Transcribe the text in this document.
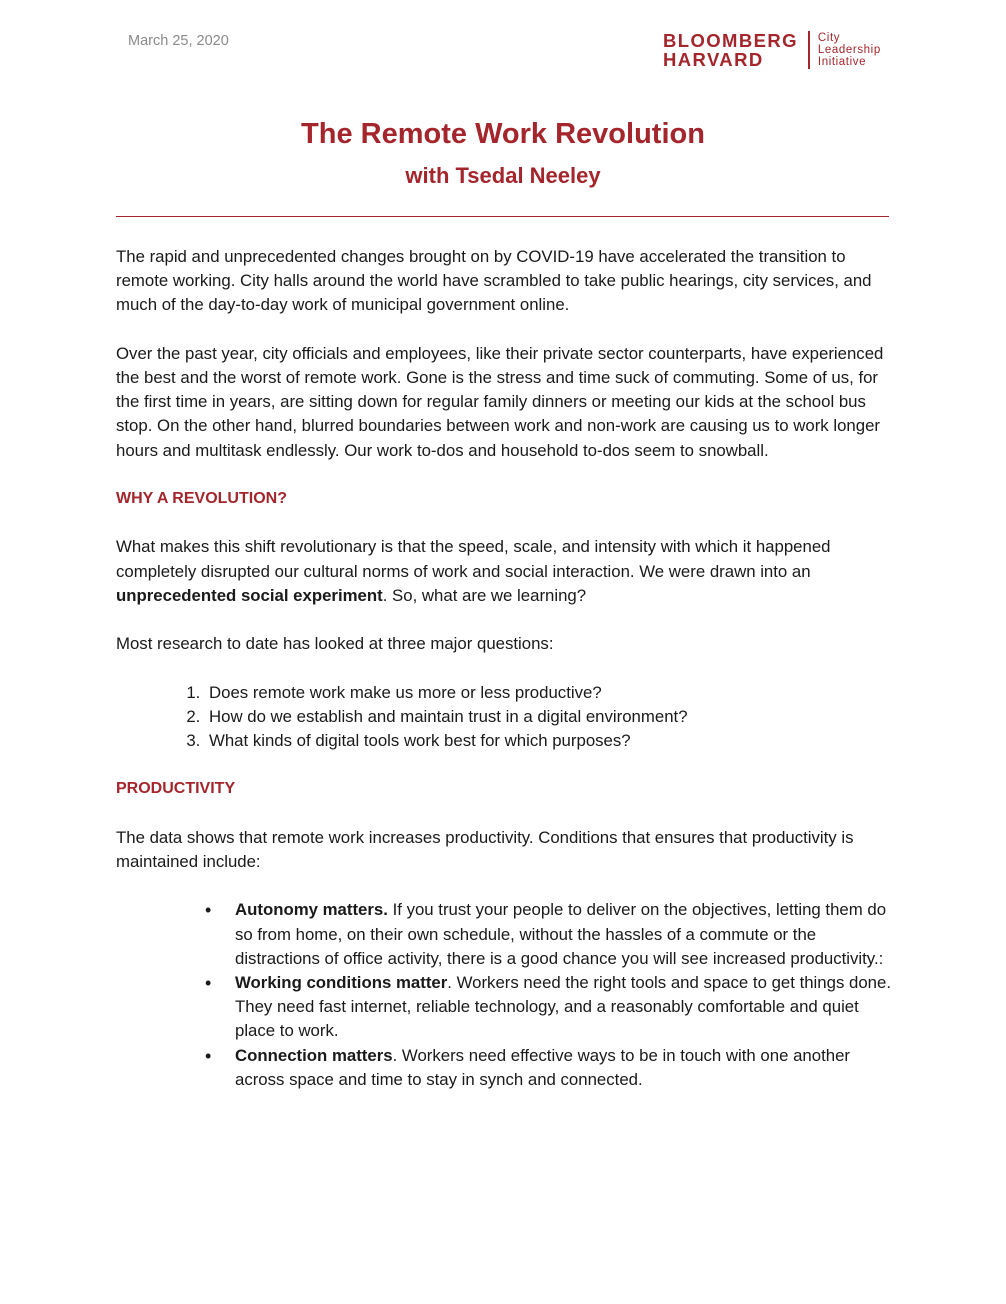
March 25, 2020	BLOOMBERG
HARVARD
City
Leadership
Initiative
The Remote Work Revolution
with Tsedal Neeley

The rapid and unprecedented changes brought on by COVID-19 have accelerated the transition to remote working. City halls around the world have scrambled to take public hearings, city services, and much of the day-to-day work of municipal government online.

Over the past year, city officials and employees, like their private sector counterparts, have experienced the best and the worst of remote work. Gone is the stress and time suck of commuting. Some of us, for the first time in years, are sitting down for regular family dinners or meeting our kids at the school bus stop. On the other hand, blurred boundaries between work and non-work are causing us to work longer hours and multitask endlessly. Our work to-dos and household to-dos seem to snowball.

WHY A REVOLUTION?

What makes this shift revolutionary is that the speed, scale, and intensity with which it happened completely disrupted our cultural norms of work and social interaction. We were drawn into an unprecedented social experiment. So, what are we learning?

Most research to date has looked at three major questions:

1. Does remote work make us more or less productive?
2. How do we establish and maintain trust in a digital environment?
3. What kinds of digital tools work best for which purposes?
PRODUCTIVITY

The data shows that remote work increases productivity. Conditions that ensures that productivity is maintained include:

• Autonomy matters. If you trust your people to deliver on the objectives, letting them do so from home, on their own schedule, without the hassles of a commute or the distractions of office activity, there is a good chance you will see increased productivity.:
• Working conditions matter. Workers need the right tools and space to get things done. They need fast internet, reliable technology, and a reasonably comfortable and quiet place to work.
• Connection matters. Workers need effective ways to be in touch with one another across space and time to stay in synch and connected.
